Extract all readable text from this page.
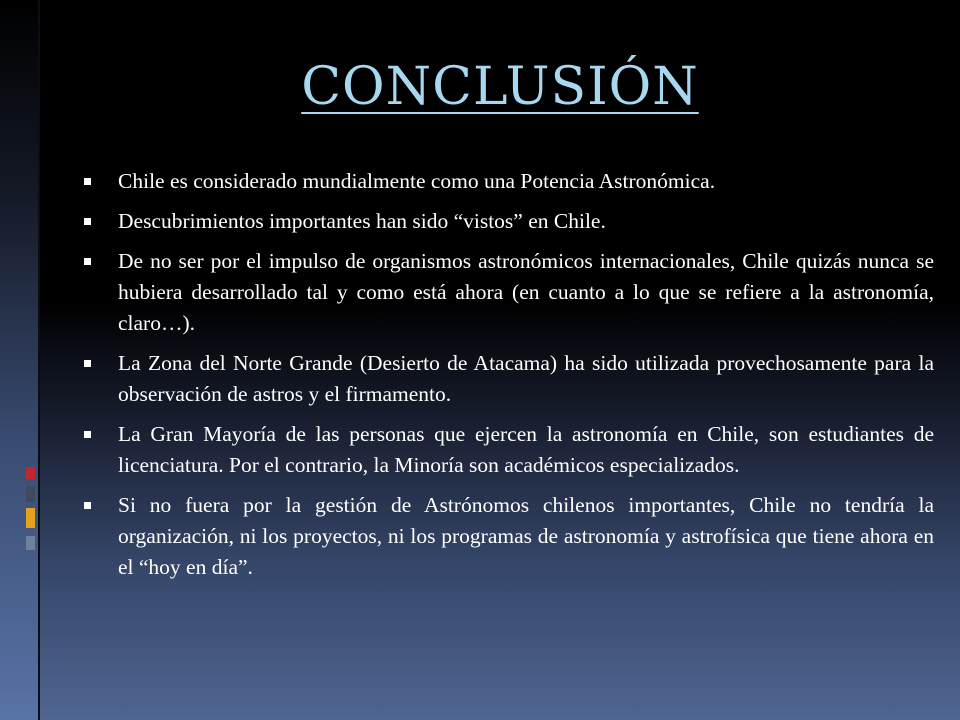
CONCLUSIÓN
Chile es considerado mundialmente como una Potencia Astronómica.
Descubrimientos importantes han sido “vistos” en Chile.
De no ser por el impulso de organismos astronómicos internacionales, Chile quizás nunca se hubiera desarrollado tal y como está ahora (en cuanto a lo que se refiere a la astronomía, claro…).
La Zona del Norte Grande (Desierto de Atacama) ha sido utilizada provechosamente para la observación de astros y el firmamento.
La Gran Mayoría de las personas que ejercen la astronomía en Chile, son estudiantes de licenciatura. Por el contrario, la Minoría son académicos especializados.
Si no fuera por la gestión de Astrónomos chilenos importantes, Chile no tendría la organización, ni los proyectos, ni los programas de astronomía y astrofísica que tiene ahora en el “hoy en día”.
